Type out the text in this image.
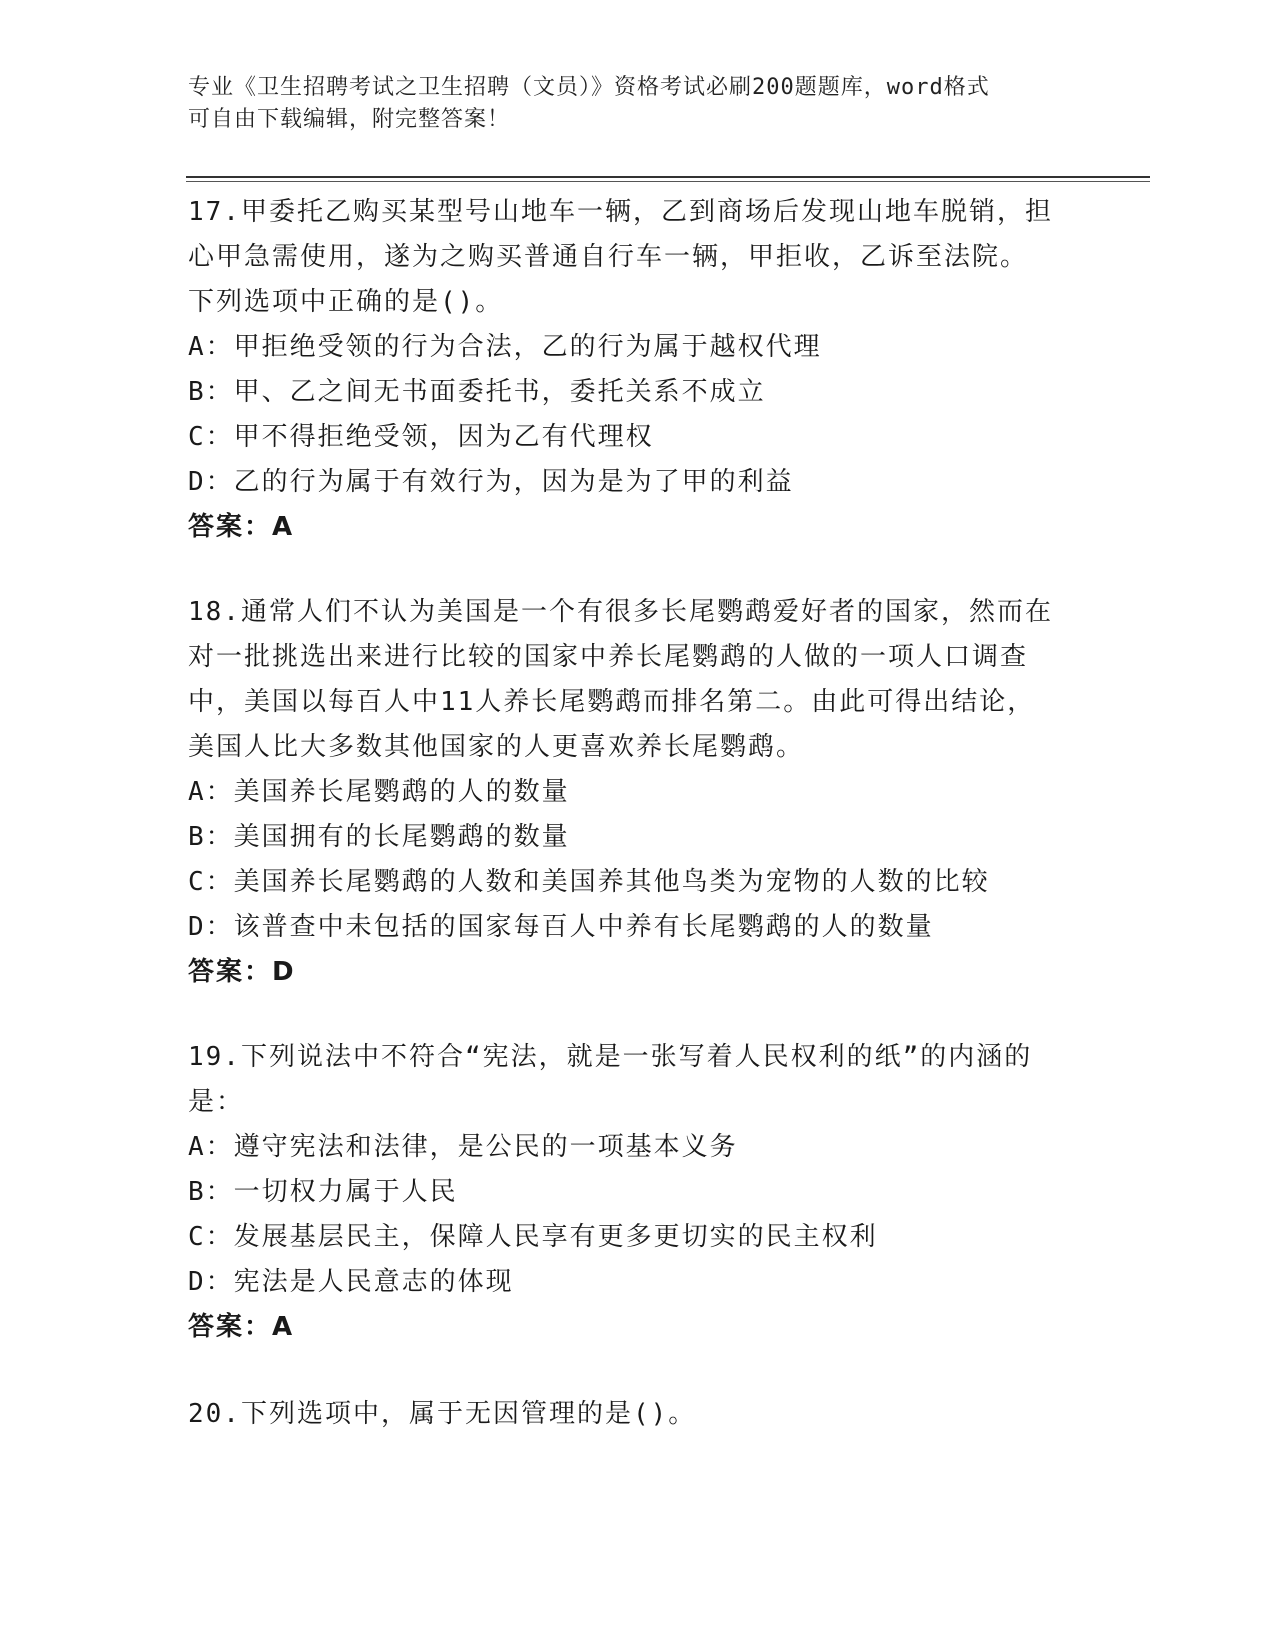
专业《卫生招聘考试之卫生招聘（文员）》资格考试必刷200题题库，word格式

可自由下载编辑，附完整答案！

17.甲委托乙购买某型号山地车一辆，乙到商场后发现山地车脱销，担

心甲急需使用，遂为之购买普通自行车一辆，甲拒收，乙诉至法院。

下列选项中正确的是()。

A：甲拒绝受领的行为合法，乙的行为属于越权代理

B：甲、乙之间无书面委托书，委托关系不成立

C：甲不得拒绝受领，因为乙有代理权

D：乙的行为属于有效行为，因为是为了甲的利益

答案：A

18.通常人们不认为美国是一个有很多长尾鹦鹉爱好者的国家，然而在

对一批挑选出来进行比较的国家中养长尾鹦鹉的人做的一项人口调查

中，美国以每百人中11人养长尾鹦鹉而排名第二。由此可得出结论，

美国人比大多数其他国家的人更喜欢养长尾鹦鹉。

A：美国养长尾鹦鹉的人的数量

B：美国拥有的长尾鹦鹉的数量

C：美国养长尾鹦鹉的人数和美国养其他鸟类为宠物的人数的比较

D：该普查中未包括的国家每百人中养有长尾鹦鹉的人的数量

答案：D

19.下列说法中不符合“宪法，就是一张写着人民权利的纸”的内涵的

是：

A：遵守宪法和法律，是公民的一项基本义务

B：一切权力属于人民

C：发展基层民主，保障人民享有更多更切实的民主权利

D：宪法是人民意志的体现

答案：A

20.下列选项中，属于无因管理的是()。
